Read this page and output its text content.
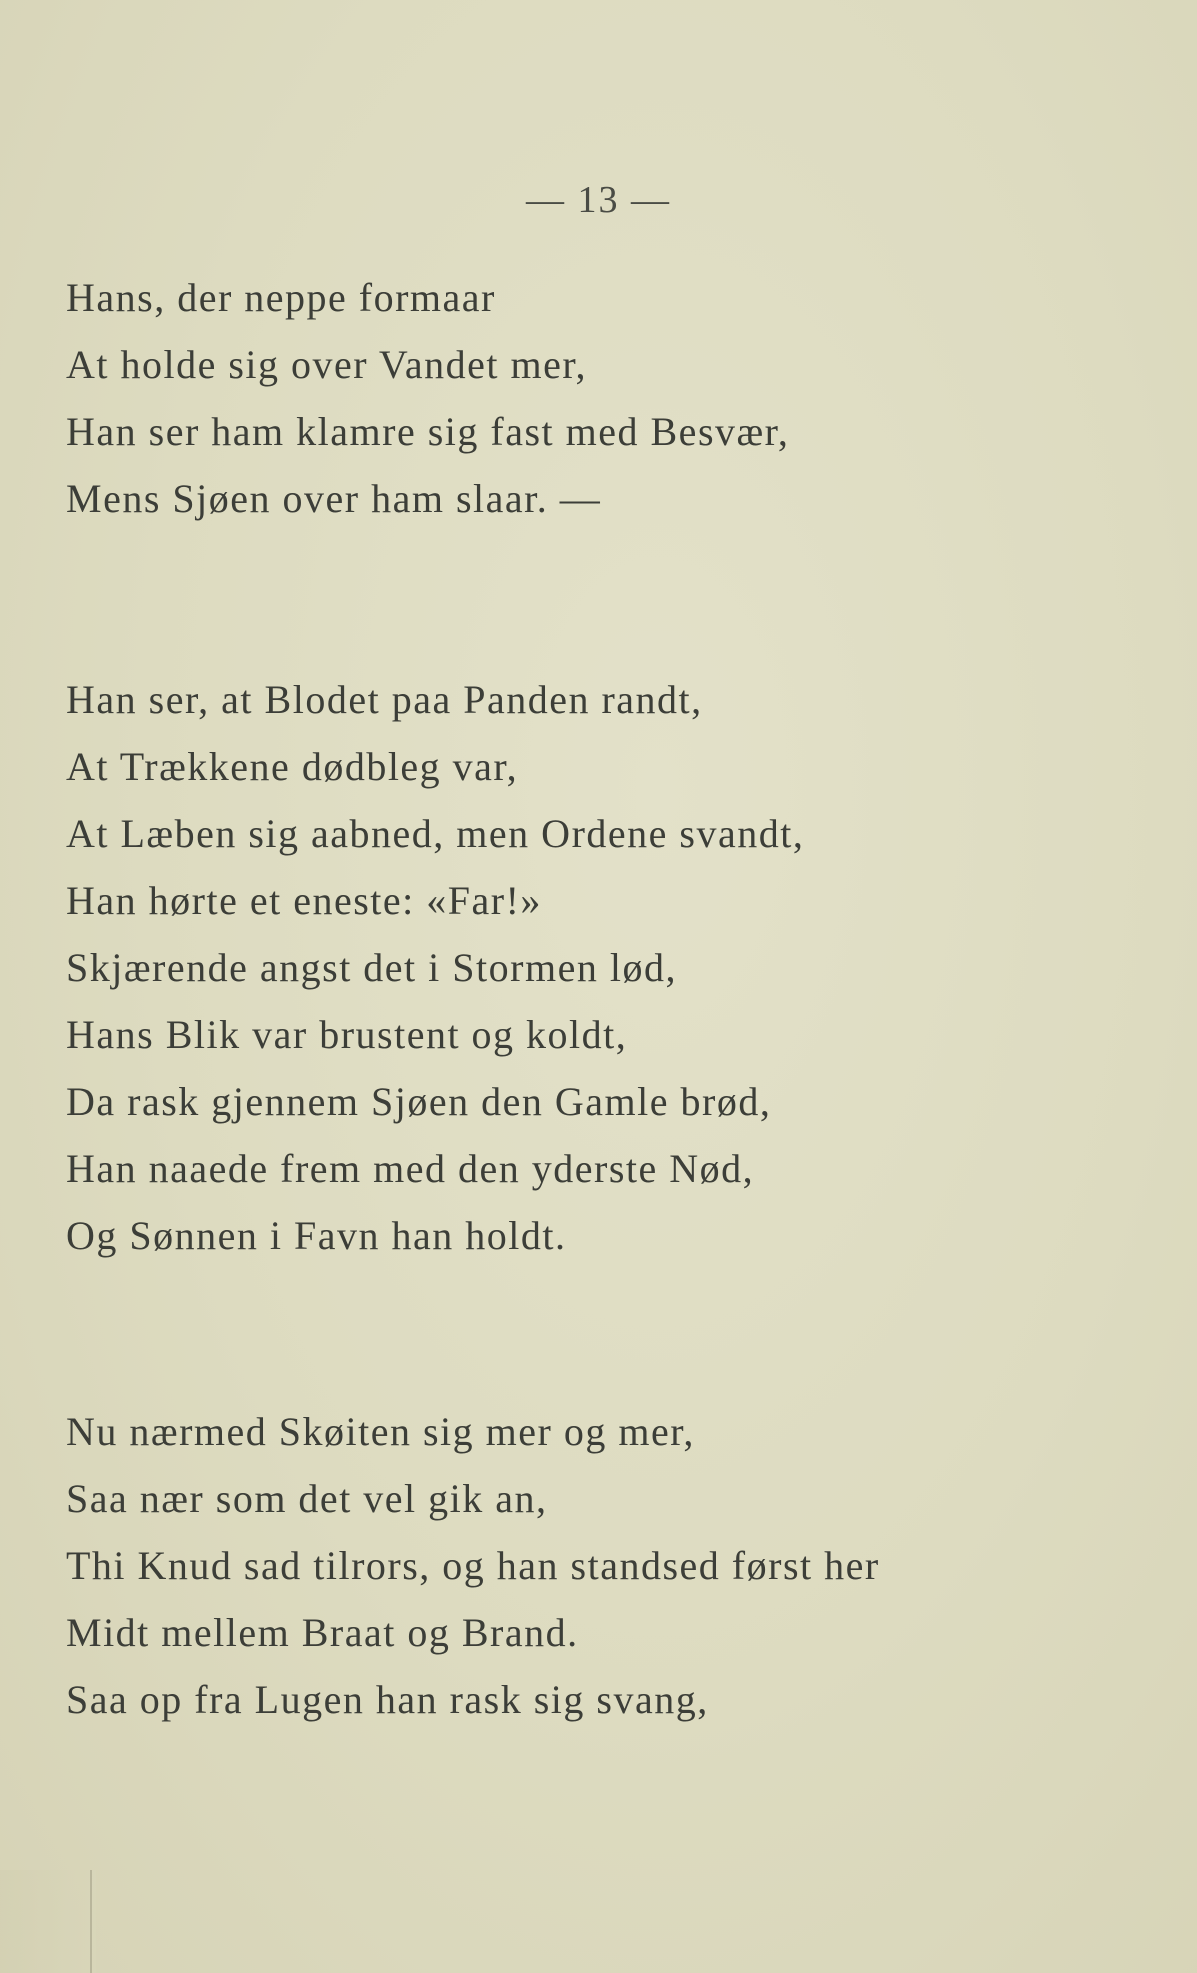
— 13 —
Hans, der neppe formaar
At holde sig over Vandet mer,
Han ser ham klamre sig fast med Besvær,
Mens Sjøen over ham slaar. —
Han ser, at Blodet paa Panden randt,
At Trækkene dødbleg var,
At Læben sig aabned, men Ordene svandt,
Han hørte et eneste: «Far!»
Skjærende angst det i Stormen lød,
Hans Blik var brustent og koldt,
Da rask gjennem Sjøen den Gamle brød,
Han naaede frem med den yderste Nød,
Og Sønnen i Favn han holdt.
Nu nærmed Skøiten sig mer og mer,
Saa nær som det vel gik an,
Thi Knud sad tilrors, og han standsed først her
Midt mellem Braat og Brand.
Saa op fra Lugen han rask sig svang,
